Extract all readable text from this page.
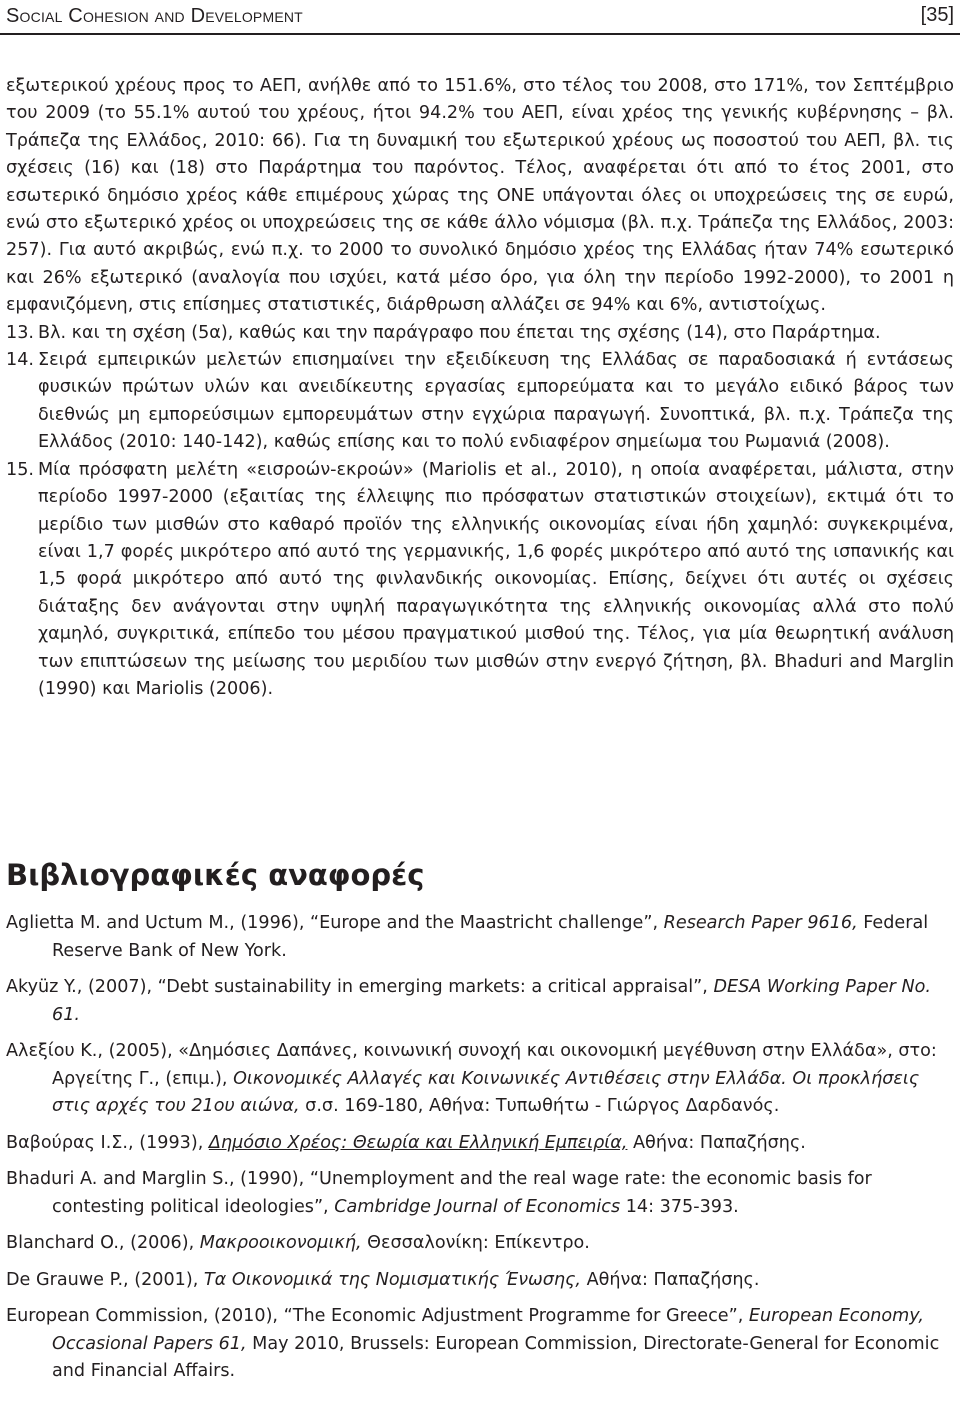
Social Cohesion and Development	[35]

εξωτερικού χρέους προς το ΑΕΠ, ανήλθε από το 151.6%, στο τέλος του 2008, στο 171%, τον Σεπτέμβριο του 2009 (το 55.1% αυτού του χρέους, ήτοι 94.2% του ΑΕΠ, είναι χρέος της γενικής κυβέρνησης – βλ. Τράπεζα της Ελλάδος, 2010: 66). Για τη δυναμική του εξωτερικού χρέους ως ποσοστού του ΑΕΠ, βλ. τις σχέσεις (16) και (18) στο Παράρτημα του παρόντος. Τέλος, αναφέρεται ότι από το έτος 2001, στο εσωτερικό δημόσιο χρέος κάθε επιμέρους χώρας της ΟΝΕ υπάγονται όλες οι υποχρεώσεις της σε ευρώ, ενώ στο εξωτερικό χρέος οι υποχρεώσεις της σε κάθε άλλο νόμισμα (βλ. π.χ. Τράπεζα της Ελλάδος, 2003: 257). Για αυτό ακριβώς, ενώ π.χ. το 2000 το συνολικό δημόσιο χρέος της Ελλάδας ήταν 74% εσωτερικό και 26% εξωτερικό (αναλογία που ισχύει, κατά μέσο όρο, για όλη την περίοδο 1992-2000), το 2001 η εμφανιζόμενη, στις επίσημες στατιστικές, διάρθρωση αλλάζει σε 94% και 6%, αντιστοίχως.

13. Βλ. και τη σχέση (5α), καθώς και την παράγραφο που έπεται της σχέσης (14), στο Παράρτημα.
14. Σειρά εμπειρικών μελετών επισημαίνει την εξειδίκευση της Ελλάδας σε παραδοσιακά ή εντάσεως φυσικών πρώτων υλών και ανειδίκευτης εργασίας εμπορεύματα και το μεγάλο ειδικό βάρος των διεθνώς μη εμπορεύσιμων εμπορευμάτων στην εγχώρια παραγωγή. Συνοπτικά, βλ. π.χ. Τράπεζα της Ελλάδος (2010: 140-142), καθώς επίσης και το πολύ ενδιαφέρον σημείωμα του Ρωμανιά (2008).
15. Μία πρόσφατη μελέτη «εισροών-εκροών» (Mariolis et al., 2010), η οποία αναφέρεται, μάλιστα, στην περίοδο 1997-2000 (εξαιτίας της έλλειψης πιο πρόσφατων στατιστικών στοιχείων), εκτιμά ότι το μερίδιο των μισθών στο καθαρό προϊόν της ελληνικής οικονομίας είναι ήδη χαμηλό: συγκεκριμένα, είναι 1,7 φορές μικρότερο από αυτό της γερμανικής, 1,6 φορές μικρότερο από αυτό της ισπανικής και 1,5 φορά μικρότερο από αυτό της φινλανδικής οικονομίας. Επίσης, δείχνει ότι αυτές οι σχέσεις διάταξης δεν ανάγονται στην υψηλή παραγωγικότητα της ελληνικής οικονομίας αλλά στο πολύ χαμηλό, συγκριτικά, επίπεδο του μέσου πραγματικού μισθού της. Τέλος, για μία θεωρητική ανάλυση των επιπτώσεων της μείωσης του μεριδίου των μισθών στην ενεργό ζήτηση, βλ. Bhaduri and Marglin (1990) και Mariolis (2006).
Βιβλιογραφικές αναφορές

Aglietta M. and Uctum M., (1996), “Europe and the Maastricht challenge”, Research Paper 9616, Federal Reserve Bank of New York.

Akyüz Y., (2007), “Debt sustainability in emerging markets: a critical appraisal”, DESA Working Paper No. 61.

Αλεξίου Κ., (2005), «Δημόσιες Δαπάνες, κοινωνική συνοχή και οικονομική μεγέθυνση στην Ελλάδα», στο: Αργείτης Γ., (επιμ.), Οικονομικές Αλλαγές και Κοινωνικές Αντιθέσεις στην Ελλάδα. Οι προκλήσεις στις αρχές του 21ου αιώνα, σ.σ. 169-180, Αθήνα: Τυπωθήτω - Γιώργος Δαρδανός.

Βαβούρας Ι.Σ., (1993), Δημόσιο Χρέος: Θεωρία και Ελληνική Εμπειρία, Αθήνα: Παπαζήσης.

Bhaduri A. and Marglin S., (1990), “Unemployment and the real wage rate: the economic basis for contesting political ideologies”, Cambridge Journal of Economics 14: 375-393.

Blanchard O., (2006), Μακροοικονομική, Θεσσαλονίκη: Επίκεντρο.

De Grauwe P., (2001), Τα Οικονομικά της Νομισματικής Ένωσης, Αθήνα: Παπαζήσης.

European Commission, (2010), “The Economic Adjustment Programme for Greece”, European Economy, Occasional Papers 61, May 2010, Brussels: European Commission, Directorate-General for Economic and Financial Affairs.
